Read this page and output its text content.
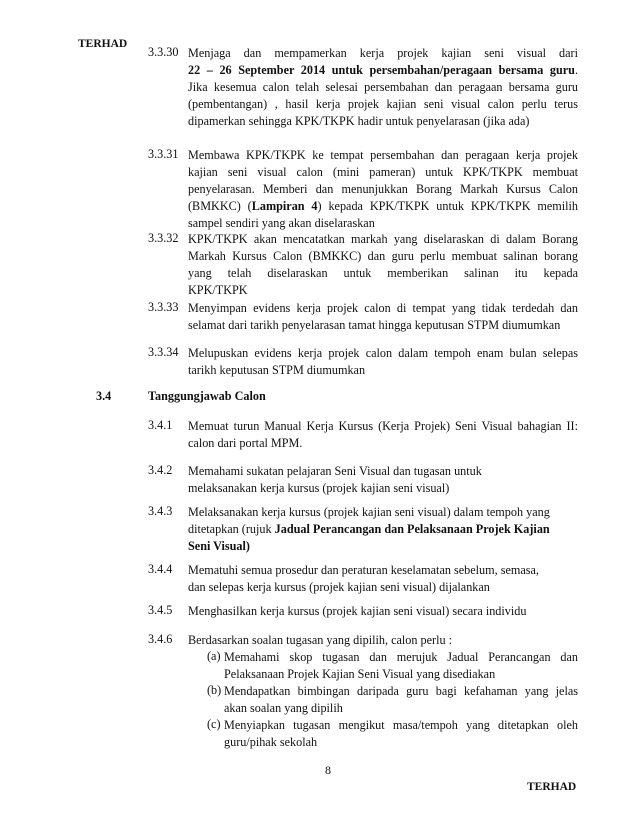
TERHAD
3.3.30 Menjaga dan mempamerkan kerja projek kajian seni visual dari
22 – 26 September 2014 untuk persembahan/peragaan bersama guru.
Jika kesemua calon telah selesai persembahan dan peragaan bersama guru
(pembentangan) , hasil kerja projek kajian seni visual calon perlu terus
dipamerkan sehingga KPK/TKPK hadir untuk penyelarasan (jika ada)
3.3.31 Membawa KPK/TKPK ke tempat persembahan dan peragaan kerja projek
kajian seni visual calon (mini pameran) untuk KPK/TKPK membuat
penyelarasan. Memberi dan menunjukkan Borang Markah Kursus Calon
(BMKKC) (Lampiran 4) kepada KPK/TKPK untuk KPK/TKPK memilih
sampel sendiri yang akan diselaraskan
3.3.32 KPK/TKPK akan mencatatkan markah yang diselaraskan di dalam Borang
Markah Kursus Calon (BMKKC) dan guru perlu membuat salinan borang
yang telah diselaraskan untuk memberikan salinan itu kepada
KPK/TKPK
3.3.33 Menyimpan evidens kerja projek calon di tempat yang tidak terdedah dan
selamat dari tarikh penyelarasan tamat hingga keputusan STPM diumumkan
3.3.34 Melupuskan evidens kerja projek calon dalam tempoh enam bulan selepas
tarikh keputusan STPM diumumkan
3.4	Tanggungjawab Calon
3.4.1 Memuat turun Manual Kerja Kursus (Kerja Projek) Seni Visual bahagian II:
calon dari portal MPM.
3.4.2 Memahami sukatan pelajaran Seni Visual dan tugasan untuk
melaksanakan kerja kursus (projek kajian seni visual)
3.4.3 Melaksanakan kerja kursus (projek kajian seni visual) dalam tempoh yang
ditetapkan (rujuk Jadual Perancangan dan Pelaksanaan Projek Kajian
Seni Visual)
3.4.4 Mematuhi semua prosedur dan peraturan keselamatan sebelum, semasa,
dan selepas kerja kursus (projek kajian seni visual) dijalankan
3.4.5 Menghasilkan kerja kursus (projek kajian seni visual) secara individu
3.4.6 Berdasarkan soalan tugasan yang dipilih, calon perlu :
(a) Memahami skop tugasan dan merujuk Jadual Perancangan dan
Pelaksanaan Projek Kajian Seni Visual yang disediakan
(b) Mendapatkan bimbingan daripada guru bagi kefahaman yang jelas
akan soalan yang dipilih
(c) Menyiapkan tugasan mengikut masa/tempoh yang ditetapkan oleh
guru/pihak sekolah
8
TERHAD
